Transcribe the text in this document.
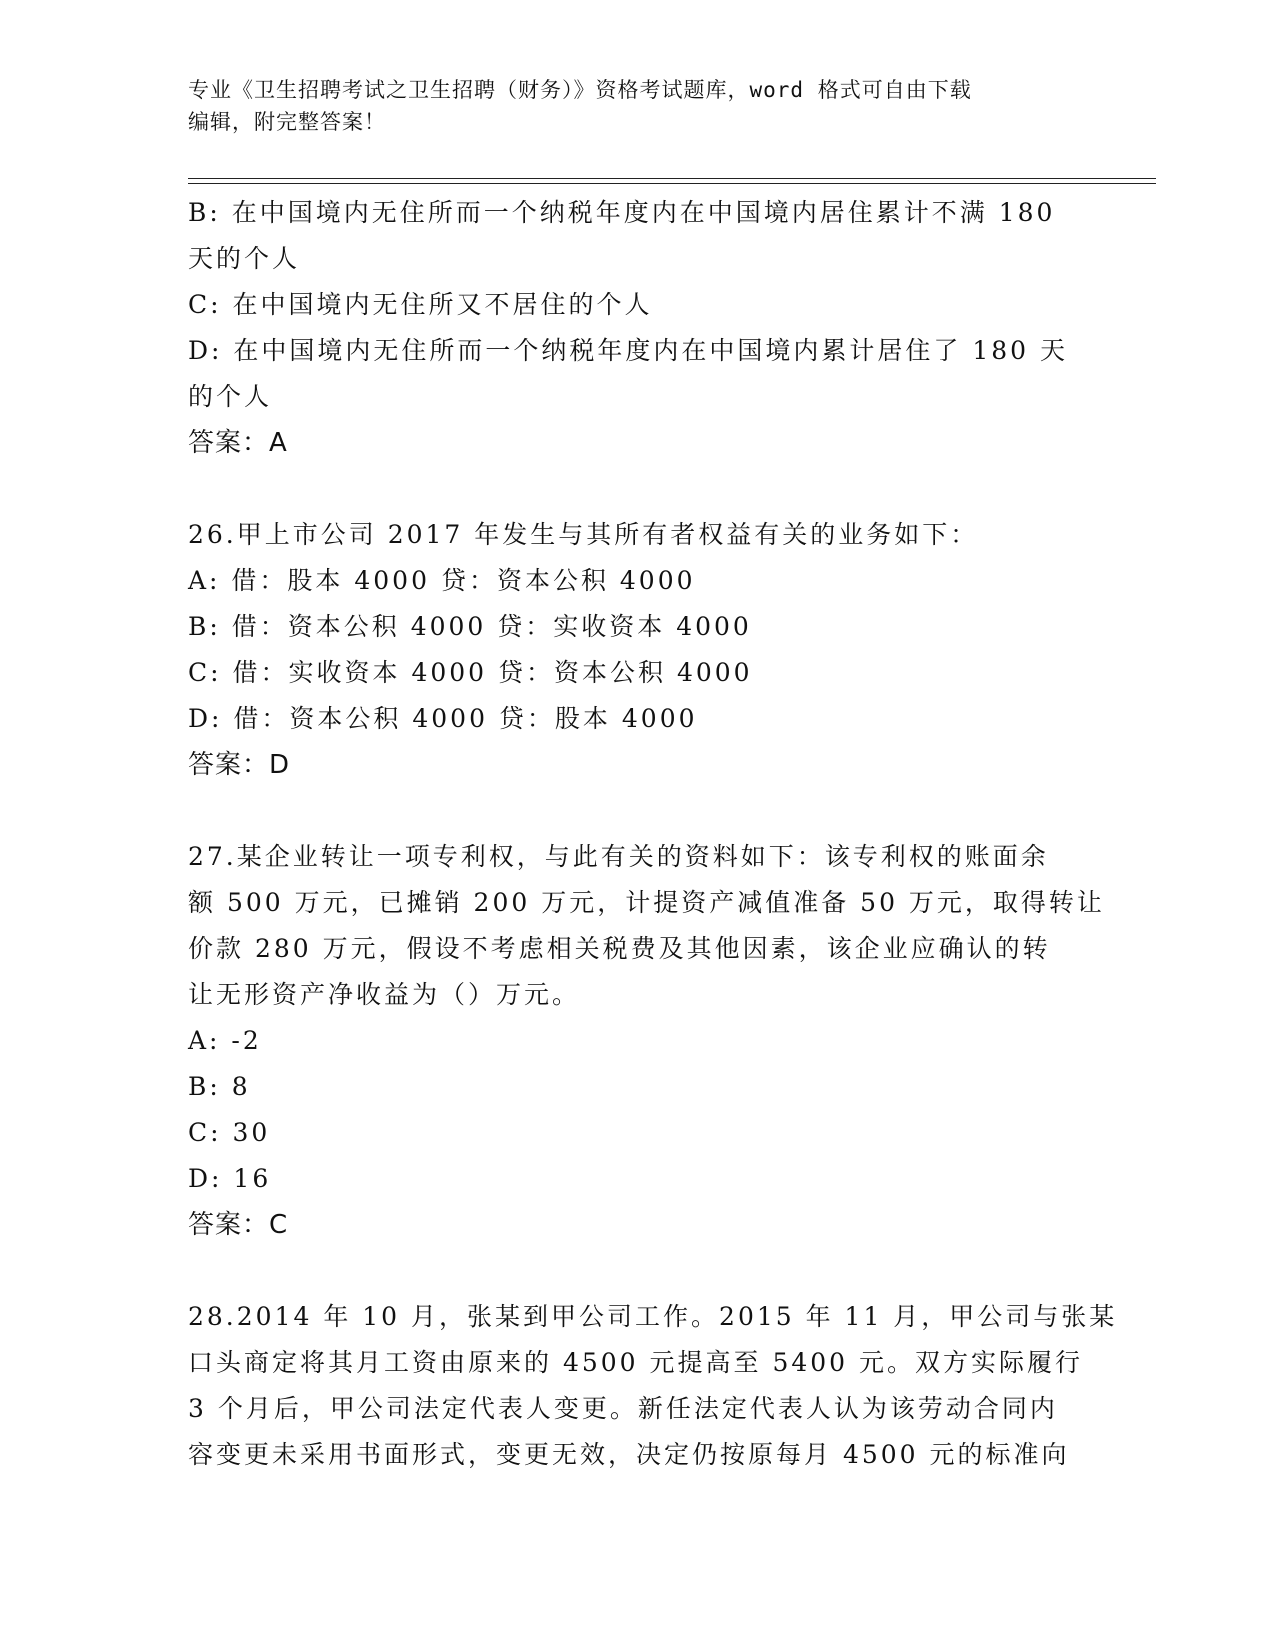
专业《卫生招聘考试之卫生招聘（财务）》资格考试题库，word 格式可自由下载
编辑，附完整答案！
B: 在中国境内无住所而一个纳税年度内在中国境内居住累计不满 180
天的个人
C: 在中国境内无住所又不居住的个人
D: 在中国境内无住所而一个纳税年度内在中国境内累计居住了 180 天
的个人
答案：A
26.甲上市公司 2017 年发生与其所有者权益有关的业务如下：
A: 借：股本 4000 贷：资本公积 4000
B: 借：资本公积 4000 贷：实收资本 4000
C: 借：实收资本 4000 贷：资本公积 4000
D: 借：资本公积 4000 贷：股本 4000
答案：D
27.某企业转让一项专利权，与此有关的资料如下：该专利权的账面余
额 500 万元，已摊销 200 万元，计提资产减值准备 50 万元，取得转让
价款 280 万元，假设不考虑相关税费及其他因素，该企业应确认的转
让无形资产净收益为（）万元。
A: -2
B: 8
C: 30
D: 16
答案：C
28.2014 年 10 月，张某到甲公司工作。2015 年 11 月，甲公司与张某
口头商定将其月工资由原来的 4500 元提高至 5400 元。双方实际履行
3 个月后，甲公司法定代表人变更。新任法定代表人认为该劳动合同内
容变更未采用书面形式，变更无效，决定仍按原每月 4500 元的标准向
